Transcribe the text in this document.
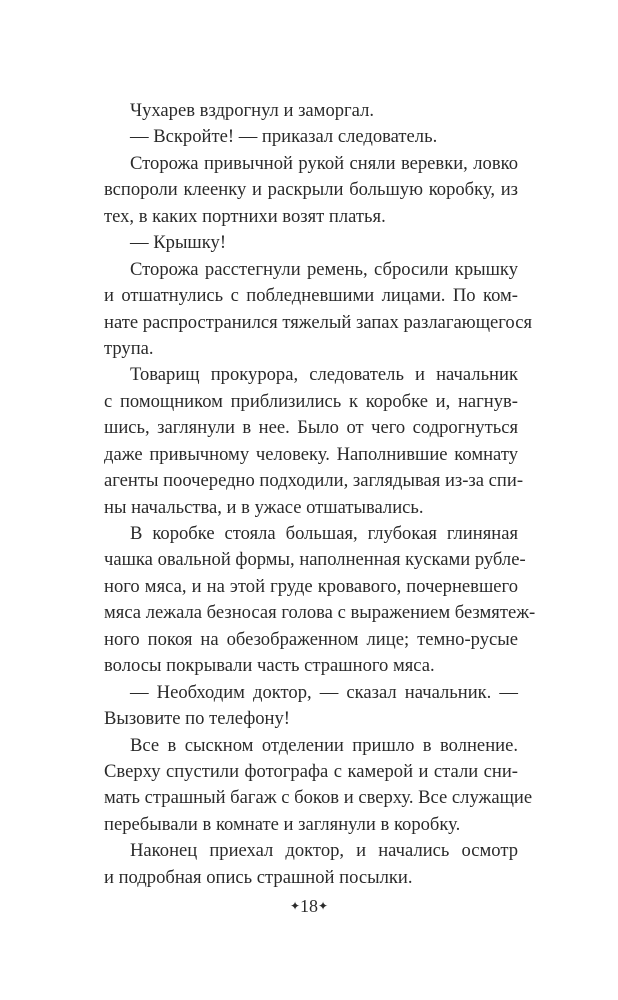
Чухарев вздрогнул и заморгал.
— Вскройте! — приказал следователь.
Сторожа привычной рукой сняли веревки, ловко
вспороли клеенку и раскрыли большую коробку, из
тех, в каких портнихи возят платья.
— Крышку!
Сторожа расстегнули ремень, сбросили крышку
и отшатнулись с побледневшими лицами. По ком-
нате распространился тяжелый запах разлагающегося
трупа.
Товарищ прокурора, следователь и начальник
с помощником приблизились к коробке и, нагнув-
шись, заглянули в нее. Было от чего содрогнуться
даже привычному человеку. Наполнившие комнату
агенты поочередно подходили, заглядывая из-за спи-
ны начальства, и в ужасе отшатывались.
В коробке стояла большая, глубокая глиняная
чашка овальной формы, наполненная кусками рубле-
ного мяса, и на этой груде кровавого, почерневшего
мяса лежала безносая голова с выражением безмятеж-
ного покоя на обезображенном лице; темно-русые
волосы покрывали часть страшного мяса.
— Необходим доктор, — сказал начальник. —
Вызовите по телефону!
Все в сыскном отделении пришло в волнение.
Сверху спустили фотографа с камерой и стали сни-
мать страшный багаж с боков и сверху. Все служащие
перебывали в комнате и заглянули в коробку.
Наконец приехал доктор, и начались осмотр
и подробная опись страшной посылки.
✦18✦
